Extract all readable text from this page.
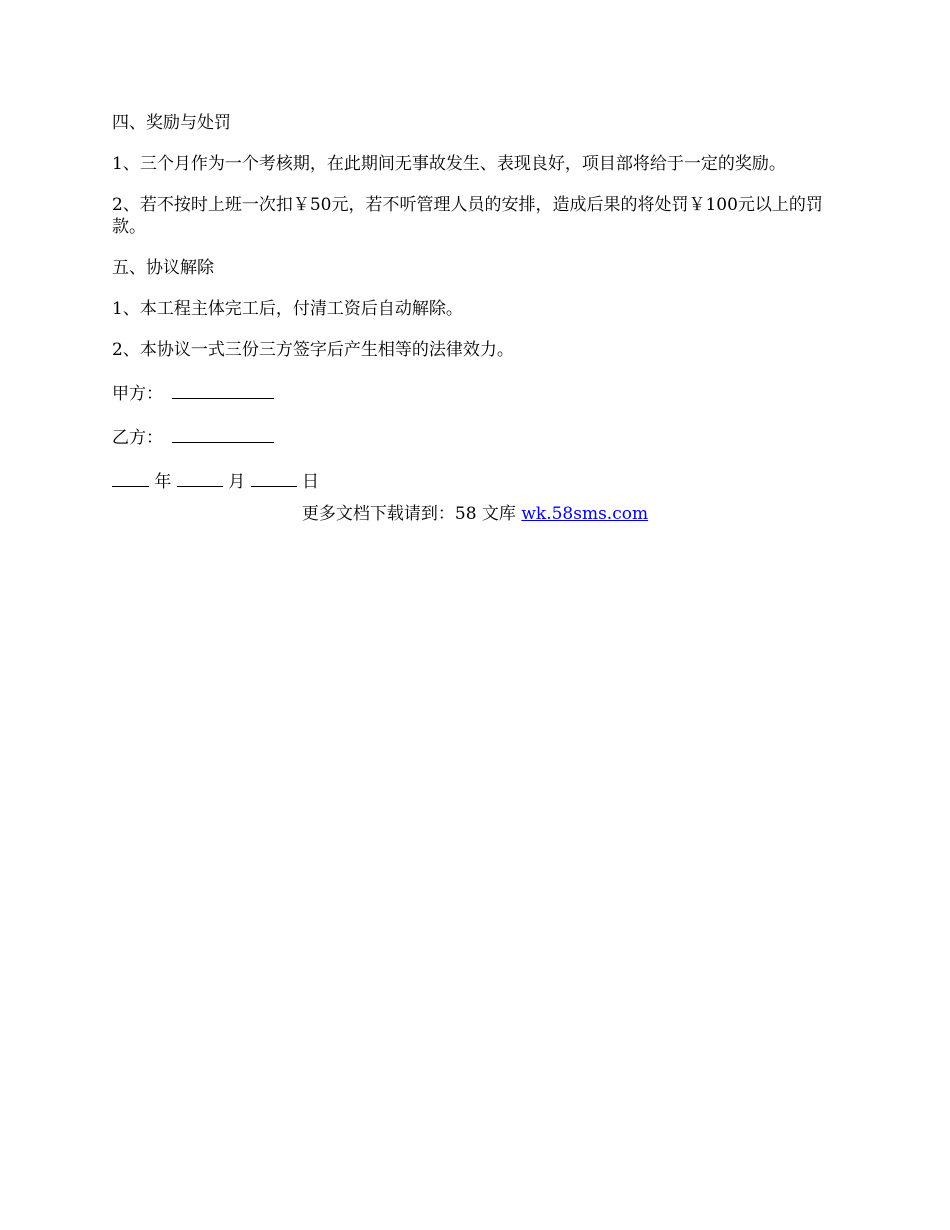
四、奖励与处罚
1、三个月作为一个考核期，在此期间无事故发生、表现良好，项目部将给于一定的奖励。
2、若不按时上班一次扣￥50元，若不听管理人员的安排，造成后果的将处罚￥100元以上的罚款。
五、协议解除
1、本工程主体完工后，付清工资后自动解除。
2、本协议一式三份三方签字后产生相等的法律效力。
甲方：
乙方：
年	月	日
更多文档下载请到：58 文库 wk.58sms.com
